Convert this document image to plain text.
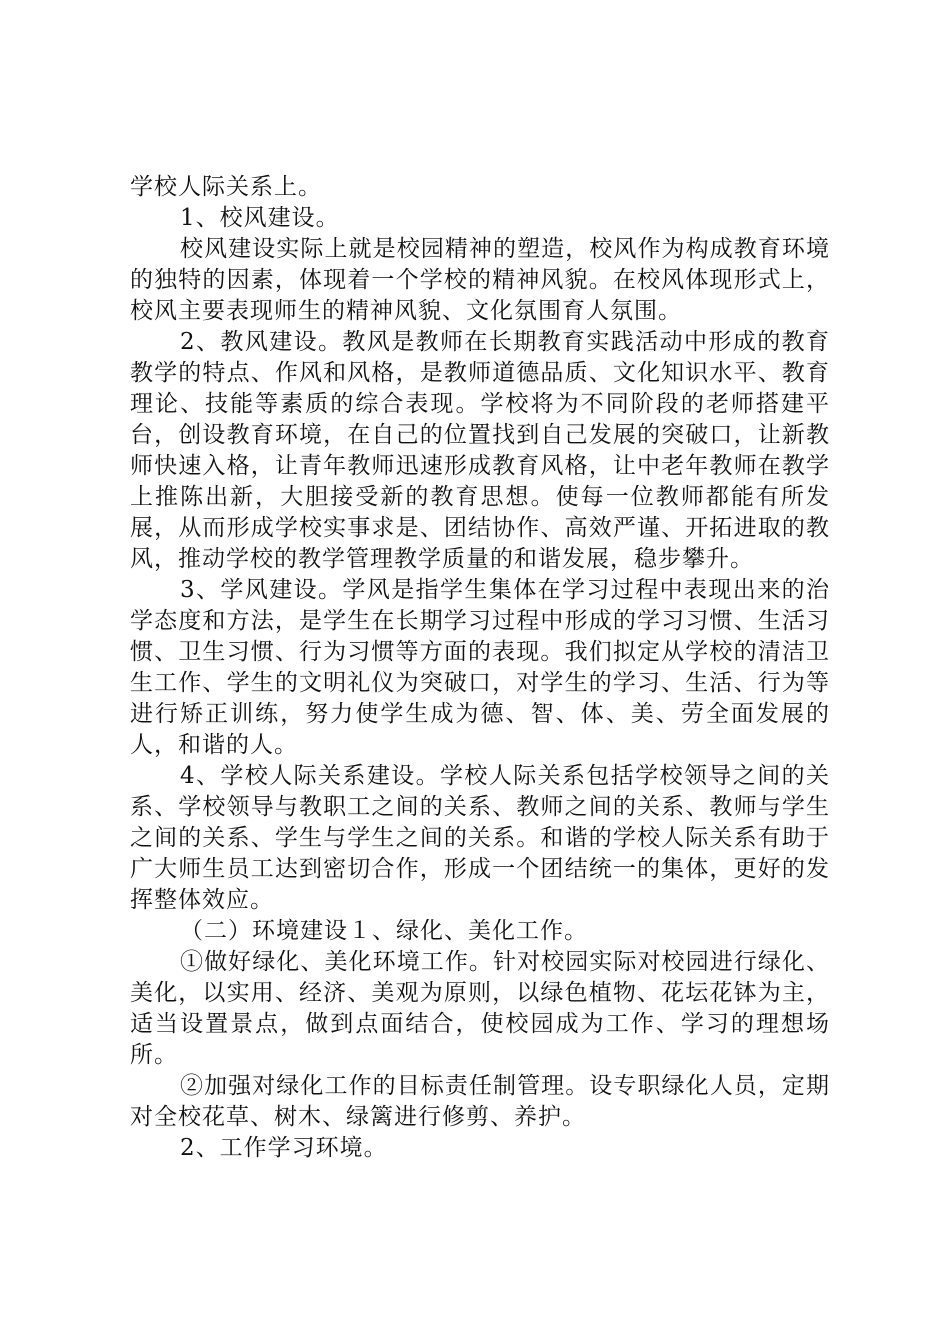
学校人际关系上。

1、校风建设。

校风建设实际上就是校园精神的塑造，校风作为构成教育环境的独特的因素，体现着一个学校的精神风貌。在校风体现形式上，校风主要表现师生的精神风貌、文化氛围育人氛围。

2、教风建设。教风是教师在长期教育实践活动中形成的教育教学的特点、作风和风格，是教师道德品质、文化知识水平、教育理论、技能等素质的综合表现。学校将为不同阶段的老师搭建平台，创设教育环境，在自己的位置找到自己发展的突破口，让新教师快速入格，让青年教师迅速形成教育风格，让中老年教师在教学上推陈出新，大胆接受新的教育思想。使每一位教师都能有所发展，从而形成学校实事求是、团结协作、高效严谨、开拓进取的教风，推动学校的教学管理教学质量的和谐发展，稳步攀升。

3、学风建设。学风是指学生集体在学习过程中表现出来的治学态度和方法，是学生在长期学习过程中形成的学习习惯、生活习惯、卫生习惯、行为习惯等方面的表现。我们拟定从学校的清洁卫生工作、学生的文明礼仪为突破口，对学生的学习、生活、行为等进行矫正训练，努力使学生成为德、智、体、美、劳全面发展的人，和谐的人。

4、学校人际关系建设。学校人际关系包括学校领导之间的关系、学校领导与教职工之间的关系、教师之间的关系、教师与学生之间的关系、学生与学生之间的关系。和谐的学校人际关系有助于广大师生员工达到密切合作，形成一个团结统一的集体，更好的发挥整体效应。

（二）环境建设１、绿化、美化工作。

①做好绿化、美化环境工作。针对校园实际对校园进行绿化、美化，以实用、经济、美观为原则，以绿色植物、花坛花钵为主，适当设置景点，做到点面结合，使校园成为工作、学习的理想场所。

②加强对绿化工作的目标责任制管理。设专职绿化人员，定期对全校花草、树木、绿篱进行修剪、养护。

2、工作学习环境。
